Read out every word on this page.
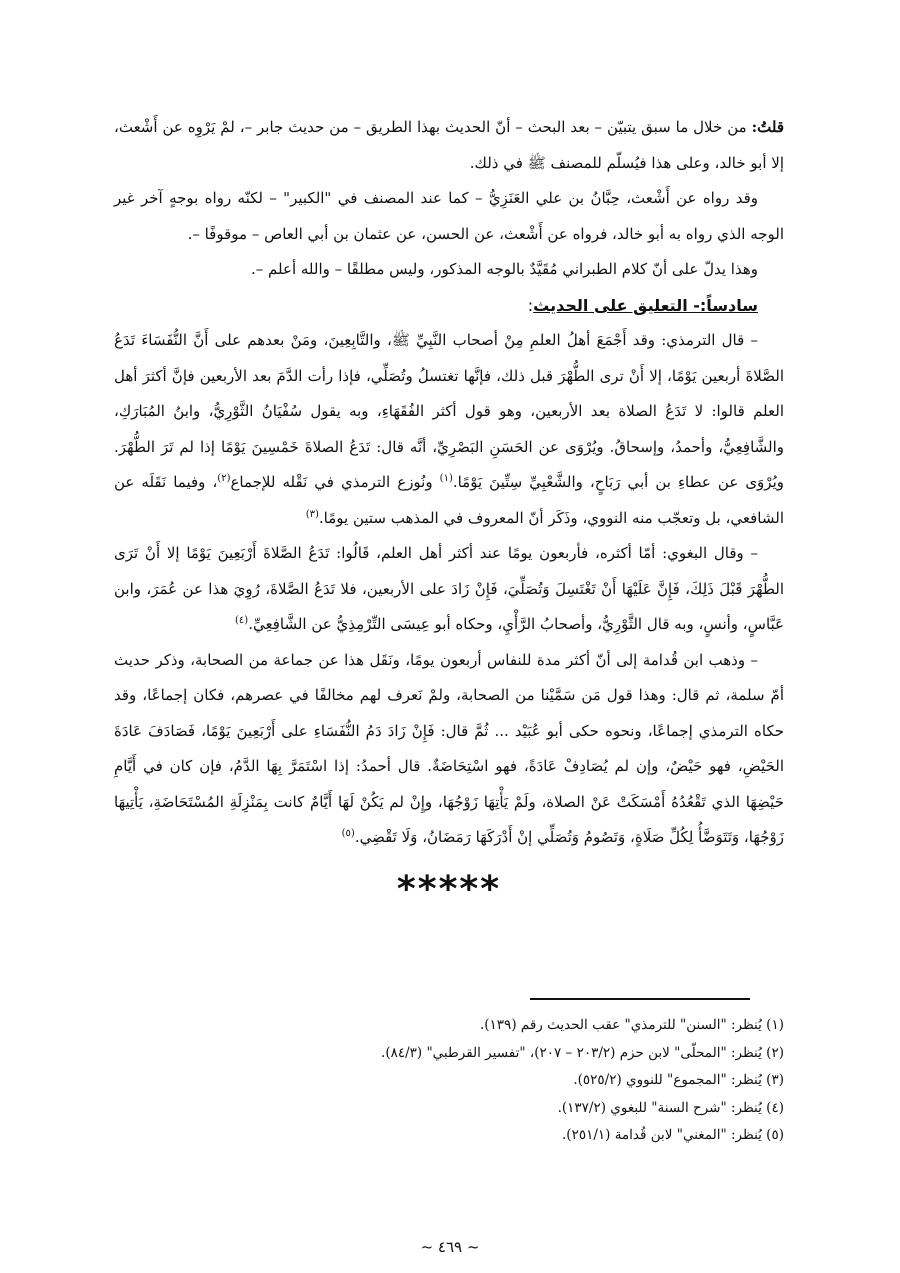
قلتُ: من خلال ما سبق يتبيّن – بعد البحث – أنّ الحديث بهذا الطريق – من حديث جابر –، لمْ يَرْوِه عن أَشْعث، إلا أبو خالد، وعلى هذا فيُسلّم للمصنف ﷺ في ذلك.

وقد رواه عن أَشْعث، حِبَّانُ بن علي العَنَزِيُّ – كما عند المصنف في "الكبير" – لكنّه رواه بوجهٍ آخر غير الوجه الذي رواه به أبو خالد، فرواه عن أَشْعث، عن الحسن، عن عثمان بن أبي العاص – موقوفًا –.

وهذا يدلّ على أنّ كلام الطبراني مُقَيَّدٌ بالوجه المذكور، وليس مطلقًا – والله أعلم –.

سادساً:- التعليق على الحديث:

– قال الترمذي: وقد أَجْمَعَ أهلُ العلمِ مِنْ أصحاب النَّبِيِّ ﷺ، والتَّابِعِينَ، ومَنْ بعدهم على أَنَّ النُّفَسَاءَ تَدَعُ الصَّلاةَ أربعين يَوْمًا، إلا أَنْ ترى الطُّهْرَ قبل ذلك، فإنَّها تغتسلُ وتُصَلِّي، فإذا رأت الدَّمَ بعد الأربعين فإنَّ أكثرَ أهل العلم قالوا: لا تَدَعُ الصلاة بعد الأربعين، وهو قول أكثر الفُقَهَاءِ، وبه يقول سُفْيَانُ الثَّوْرِيُّ، وابنُ المُبَارَكِ، والشَّافِعِيُّ، وأحمدُ، وإسحاقُ. ويُرْوَى عن الحَسَنِ البَصْرِيِّ، أنَّه قال: تَدَعُ الصلاةَ خَمْسِينَ يَوْمًا إذا لم تَرَ الطُّهْرَ. ويُرْوَى عن عطاءِ بن أبي رَبَاحٍ، والشَّعْبِيِّ سِتِّينَ يَوْمًا.$^{(١)}$ ونُوزع الترمذي في نَقْله للإجماع$^{(٢)}$، وفيما نَقَلَه عن الشافعي، بل وتعجّب منه النووي، وذَكَر أنّ المعروف في المذهب ستين يومًا.$^{(٣)}$

– وقال البغوي: أمّا أكثره، فأربعون يومًا عند أكثر أهل العلم، قَالُوا: تَدَعُ الصَّلاةَ أَرْبَعِينَ يَوْمًا إلا أَنْ تَرَى الطُّهْرَ قَبْلَ ذَلِكَ، فَإِنَّ عَلَيْهَا أَنْ تَغْتَسِلَ وَتُصَلِّيَ، فَإِنْ زَادَ على الأربعين، فلا تَدَعُ الصَّلاةَ، رُوِيَ هذا عن عُمَرَ، وابن عَبَّاسٍ، وأنسٍ، وبه قال الثَّوْرِيُّ، وأصحابُ الرَّأْيِ، وحكاه أبو عِيسَى التِّرْمِذِيُّ عن الشَّافِعِيِّ.$^{(٤)}$

– وذهب ابن قُدامة إلى أنّ أكثر مدة للنفاس أربعون يومًا، ونَقَل هذا عن جماعة من الصحابة، وذكر حديث أمّ سلمة، ثم قال: وهذا قول مَن سَمَّيْنا من الصحابة، ولمْ نَعرف لهم مخالفًا في عصرهم، فكان إجماعًا، وقد حكاه الترمذي إجماعًا، ونحوه حكى أبو عُبَيْد ... ثُمَّ قال: فَإِنْ زَادَ دَمُ النُّفَسَاءِ على أَرْبَعِينَ يَوْمًا، فَصَادَفَ عَادَةَ الحَيْضِ، فهو حَيْضٌ، وإن لم يُصَادِفْ عَادَةً، فهو اسْتِحَاضَةٌ. قال أحمدُ: إذا اسْتَمَرَّ بِهَا الدَّمُ، فإن كان في أَيَّامِ حَيْضِهَا الذي تَقْعُدُهُ أَمْسَكَتْ عَنْ الصلاة، ولَمْ يَأْتِهَا زَوْجُهَا، وإِنْ لم يَكُنْ لَهَا أَيَّامٌ كانت بِمَنْزِلَةِ المُسْتَحَاضَةِ، يَأْتِيهَا زَوْجُهَا، وَتَتَوَضَّأُ لِكُلِّ صَلَاةٍ، وَتَصُومُ وَتُصَلِّي إنْ أَدْرَكَهَا رَمَضَانُ، وَلَا تَقْضِي.$^{(٥)}$

*****
(١) يُنظر: "السنن" للترمذي" عقب الحديث رقم (١٣٩).
(٢) يُنظر: "المحلّى" لابن حزم (٢٠٣/٢ – ٢٠٧)، "تفسير القرطبي" (٨٤/٣).
(٣) يُنظر: "المجموع" للنووي (٥٢٥/٢).
(٤) يُنظر: "شرح السنة" للبغوي (١٣٧/٢).
(٥) يُنظر: "المغني" لابن قُدامة (٢٥١/١).
~ ٤٦٩ ~
